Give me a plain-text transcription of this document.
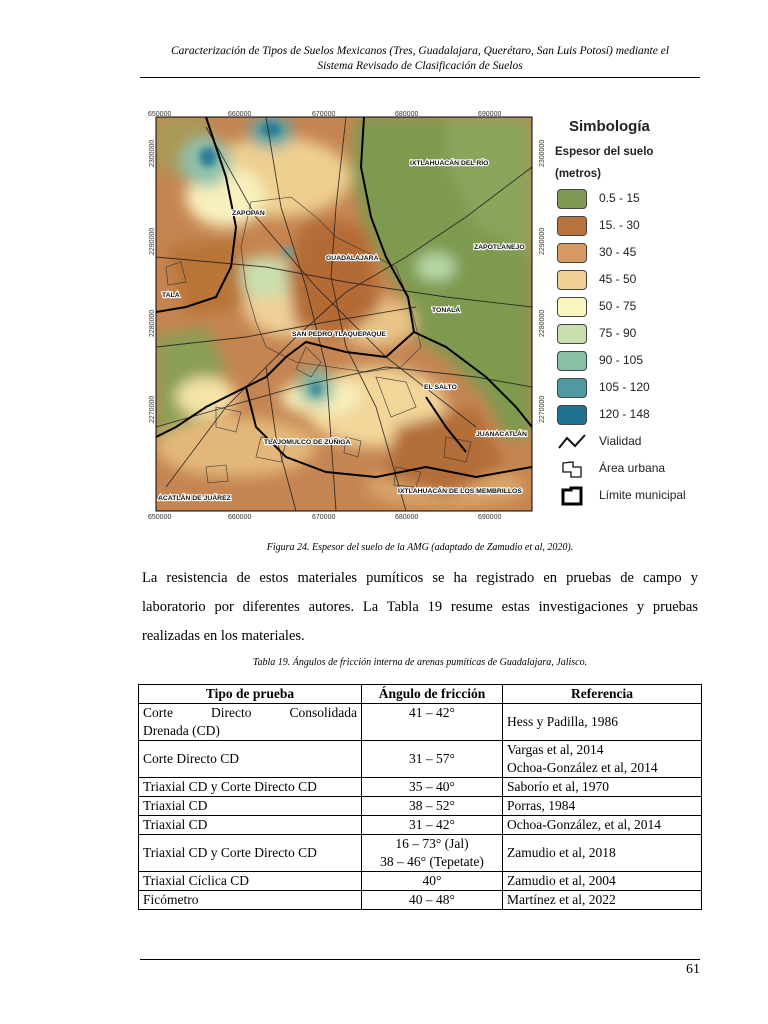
Caracterización de Tipos de Suelos Mexicanos (Tres, Guadalajara, Querétaro, San Luis Potosí) mediante el
Sistema Revisado de Clasificación de Suelos
650000	660000	670000	680000	690000
650000	660000	670000	680000	690000
2300000
2290000
2280000
2270000
2300000
2290000
2280000
2270000
IXTLAHUACÁN DEL RÍO
ZAPOPAN
GUADALAJARA
ZAPOTLANEJO
TALA
TONALÁ
SAN PEDRO TLAQUEPAQUE
EL SALTO
JUANACATLÁN
TLAJOMULCO DE ZÚÑIGA
ACATLÁN DE JUÁREZ
IXTLAHUACÁN DE LOS MEMBRILLOS
Simbología
Espesor del suelo
(metros)
0.5 - 15
15. - 30
30 - 45
45 - 50
50 - 75
75 - 90
90 - 105
105 - 120
120 - 148
Vialidad
Área urbana
Límite municipal
Figura 24. Espesor del suelo de la AMG (adaptado de Zamudio et al, 2020).
La resistencia de estos materiales pumíticos se ha registrado en pruebas de campo y
laboratorio por diferentes autores. La Tabla 19 resume estas investigaciones y pruebas
realizadas en los materiales.
Tabla 19. Ángulos de fricción interna de arenas pumíticas de Guadalajara, Jalisco.
Tipo de prueba	Ángulo de fricción	Referencia

Corte Directo Consolidada
Drenada (CD)	41 – 42°	Hess y Padilla, 1986
Corte Directo CD	31 – 57°	Vargas et al, 2014
Ochoa-González et al, 2014

Triaxial CD y Corte Directo CD	35 – 40°	Saborío et al, 1970
Triaxial CD	38 – 52°	Porras, 1984
Triaxial CD	31 – 42°	Ochoa-González, et al, 2014
Triaxial CD y Corte Directo CD	16 – 73° (Jal)
38 – 46° (Tepetate)	Zamudio et al, 2018
Triaxial Cíclica CD	40°	Zamudio et al, 2004
Ficómetro	40 – 48°	Martínez et al, 2022
61
